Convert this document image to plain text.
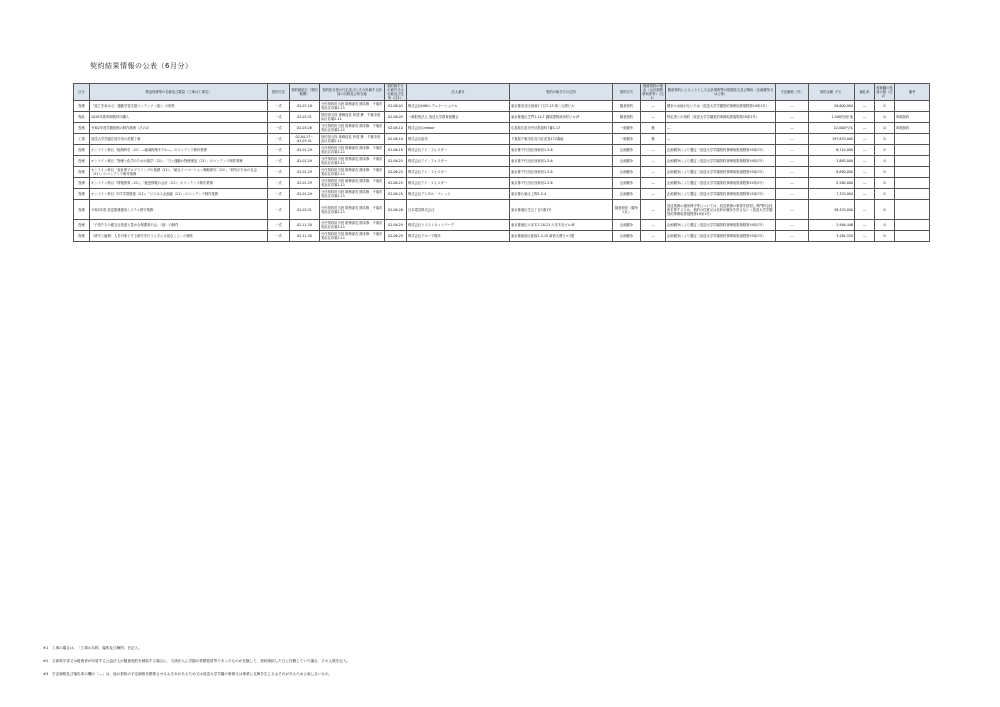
契約結果情報の公表（6月分）
区分	物品役務等の名称及び数量（工事は工事名）	契約方法	契約締結日（契約期間）	契約担当役の氏名並びにその所属する部局の名称及び所在地	契約相手方の商号又は名称及び住所（注1）	法人番号	契約の相手方の住所	契約方式	随意契約の理由（会計規程第何条等）（注1）	随意契約によることとした会計規程等の根拠条文及び理由（企画競争又は公募）	予定価格（円）	契約金額（円）	落札率	再就職の役員の数（注2）	備考
役務	「逃亡を求める！運動学習支援コンテンツ（仮）」の制作	一式	02.07.16	分任契約担当役 財務部長 國本修　千葉市美浜区若葉2-11	02.06.03	株式会社NHKエデュケーショナル	東京都渋谷区神南1丁目7-13 第二大岡ビル	随意契約	—	競争の余地がないため（放送大学学園契約事務取扱規程第19条1号）	—	28,600,000	—	0	
物品	2020年度印刷教材の購入	一式	02.03.31	契約担当役 事務局長 伊達 薫　千葉市美浜区若葉2-11	02.06.03	一般財団法人 放送大学教育振興会	東京都港区芝門1-14-1 錦屋建物神谷町ビル2F	随意契約	—	特定者との契約（放送大学学園契約事務取扱規程第19条1号）	—	1,408円/冊 他	—	0	単価契約
役務	令和2年度学籍管理の制作業務（その2）	一式	02.03.26	分任契約担当役 財務部長 國本修　千葉市美浜区若葉2-11	02.06.10	株式会社Credoor	広島県広島市中区紙屋町7番1-17	一般競争	無	—	—	22,000円/本	—	0	単価契約
工事	放送大学学園広島分室の設置工事	一式	02.04.17〜03.03.31	契約担当役 事務局長 伊達 薫　千葉市美浜区若葉2-11	02.06.10	株式会社協栄	千葉県千葉市花見川区花島172番地	一般競争	無	—	—	197,670,000	—	0	
役務	オンライン科目「地域科学（21）―地域物理モデル―」のコンテンツ制作業務	一式	02.01.29	分任契約担当役 財務部長 國本修　千葉市美浜区若葉2-11	02.06.19	株式会社アイ・フォスター	東京都千代田区西神田1-3-6	企画競争	—	企画競争により選定（放送大学学園契約事務取扱規程第19条1号）	—	6,710,000	—	0	
役務	オンライン科目「物理と化学のための数学（21）」「力と運動の物理保証（21）」のコンテンツ制作業務	一式	02.01.29	分任契約担当役 財務部長 國本修　千葉市美浜区若葉2-11	02.06.25	株式会社アイ・フォスター	東京都千代田区西神田1-3-6	企画競争	—	企画競争により選定（放送大学学園契約事務取扱規程第19条1号）	—	3,883,000	—	0	
役務	オンライン科目「表計算プログラミングの基礎（21）」「統合イノベーション戦略研究（21）」「研究のための社会（21）」のコンテンツ制作業務	一式	02.01.29	分任契約担当役 財務部長 國本修　千葉市美浜区若葉2-11	02.06.25	株式会社アイ・フォスター	東京都千代田区西神田1-3-6	企画競争	—	企画競争により選定（放送大学学園契約事務取扱規程第19条1号）	—	8,890,000	—	0	
役務	オンライン科目「情報教育（21）」「秘密情報の会計（21）」のコンテンツ制作業務	一式	02.01.29	分任契約担当役 財務部長 國本修　千葉市美浜区若葉2-11	02.06.25	株式会社アイ・フォスター	東京都千代田区西神田1-3-6	企画競争	—	企画競争により選定（放送大学学園契約事務取扱規程第19条1号）	—	5,280,000	—	0	
役務	オンライン科目「ICT学習環境（21）」「ビジネス企画論（21）」のコンテンツ制作業務	一式	02.01.29	分任契約担当役 財務部長 國本修　千葉市美浜区若葉2-11	02.06.25	株式会社デジタル・ナレッジ	東京都台東区上野5-3-4	企画競争	—	企画競争により選定（放送大学学園契約事務取扱規程第19条1号）	—	7,370,000	—	0	
役務	令和2年度 放送業務運用システム保守業務	一式	02.03.31	分任契約担当役 財務部長 國本修　千葉市美浜区若葉2-11	02.06.26	日本電気株式会社	東京都港区芝五丁目7番1号	随意契約（競争入札）	—	放送業務の運用保守等については、放送業務の事情を熟知し専門的な技術を要するため、契約の性質又は目的が競争を許さない（放送大学学園契約事務取扱規程第19条1号）	—	38,470,000	—	0	
役務	「子供たちの健全な発達と豊かな保護者の会」（仮）の制作	一式	02.11.30	分任契約担当役 財務部長 國本修　千葉市美浜区若葉2-11	02.06.29	株式会社ドラストネットワーク	東京都港区六本木7-18-23 六本木光ビル4F	企画競争	—	企画競争により選定（放送大学学園契約事務取扱規程第19条1号）	—	2,946,446	—	0	
役務	「研究と倫理：人を対象とする研究を行うときに大切なこと」の制作	一式	02.11.30	分任契約担当役 財務部長 國本修　千葉市美浜区若葉2-11	02.06.29	株式会社グループ現代	東京都新宿区新宿2-3-15 新宿大関ビル7階	企画競争	—	企画競争により選定（放送大学学園契約事務取扱規程第19条1号）	—	3,284,520	—	0	
※1　工事の場合は、「工事の名称、場所及び種別」を記入。
※2　文部科学省又は財務省が所管する公益法人が随意契約を締結する場合に、当該法人に学園の常勤役員等であったものが在籍して、契約締結した日に在籍していた場合、その人数を記入。
※3　予定価格及び落札率の欄の「—」は、他の契約の予定価格を類推させるおそれがあるため又は放送大学学園の事務又は事業に支障を生じるおそれがあるため公表しないもの。
